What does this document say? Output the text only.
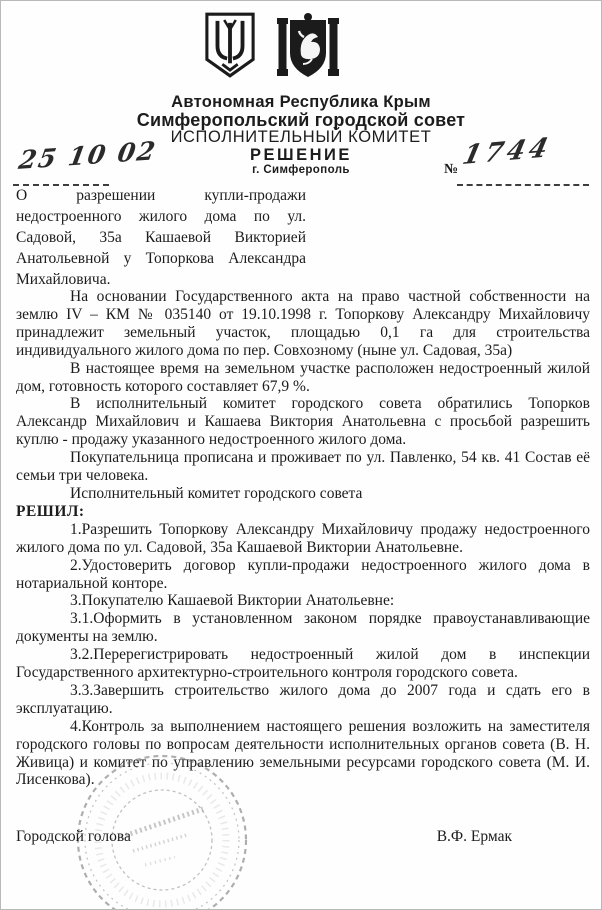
Автономная Республика Крым
Симферопольский городской совет
ИСПОЛНИТЕЛЬНЫЙ КОМИТЕТ
РЕШЕНИЕ
25 10 02	г. Симферополь	№ 1744
О разрешении купли-продажи недостроенного жилого дома по ул. Садовой, 35а Кашаевой Викторией Анатольевной у Топоркова Александра Михайловича.

На основании Государственного акта на право частной собственности на землю IV – КМ № 035140 от 19.10.1998 г. Топоркову Александру Михайловичу принадлежит земельный участок, площадью 0,1 га для строительства индивидуального жилого дома по пер. Совхозному (ныне ул. Садовая, 35а)

В настоящее время на земельном участке расположен недостроенный жилой дом, готовность которого составляет 67,9 %.

В исполнительный комитет городского совета обратились Топорков Александр Михайлович и Кашаева Виктория Анатольевна с просьбой разрешить куплю - продажу указанного недостроенного жилого дома.

Покупательница прописана и проживает по ул. Павленко, 54 кв. 41 Состав её семьи три человека.

Исполнительный комитет городского совета

РЕШИЛ:

1.Разрешить Топоркову Александру Михайловичу продажу недостроенного жилого дома по ул. Садовой, 35а Кашаевой Виктории Анатольевне.

2.Удостоверить договор купли-продажи недостроенного жилого дома в нотариальной конторе.

3.Покупателю Кашаевой Виктории Анатольевне:

3.1.Оформить в установленном законом порядке правоустанавливающие документы на землю.

3.2.Перерегистрировать недостроенный жилой дом в инспекции Государственного архитектурно-строительного контроля городского совета.

3.3.Завершить строительство жилого дома до 2007 года и сдать его в эксплуатацию.

4.Контроль за выполнением настоящего решения возложить на заместителя городского головы по вопросам деятельности исполнительных органов совета (В. Н. Живица) и комитет по управлению земельными ресурсами городского совета (М. И. Лисенкова).

Городской голова	В.Ф. Ермак
